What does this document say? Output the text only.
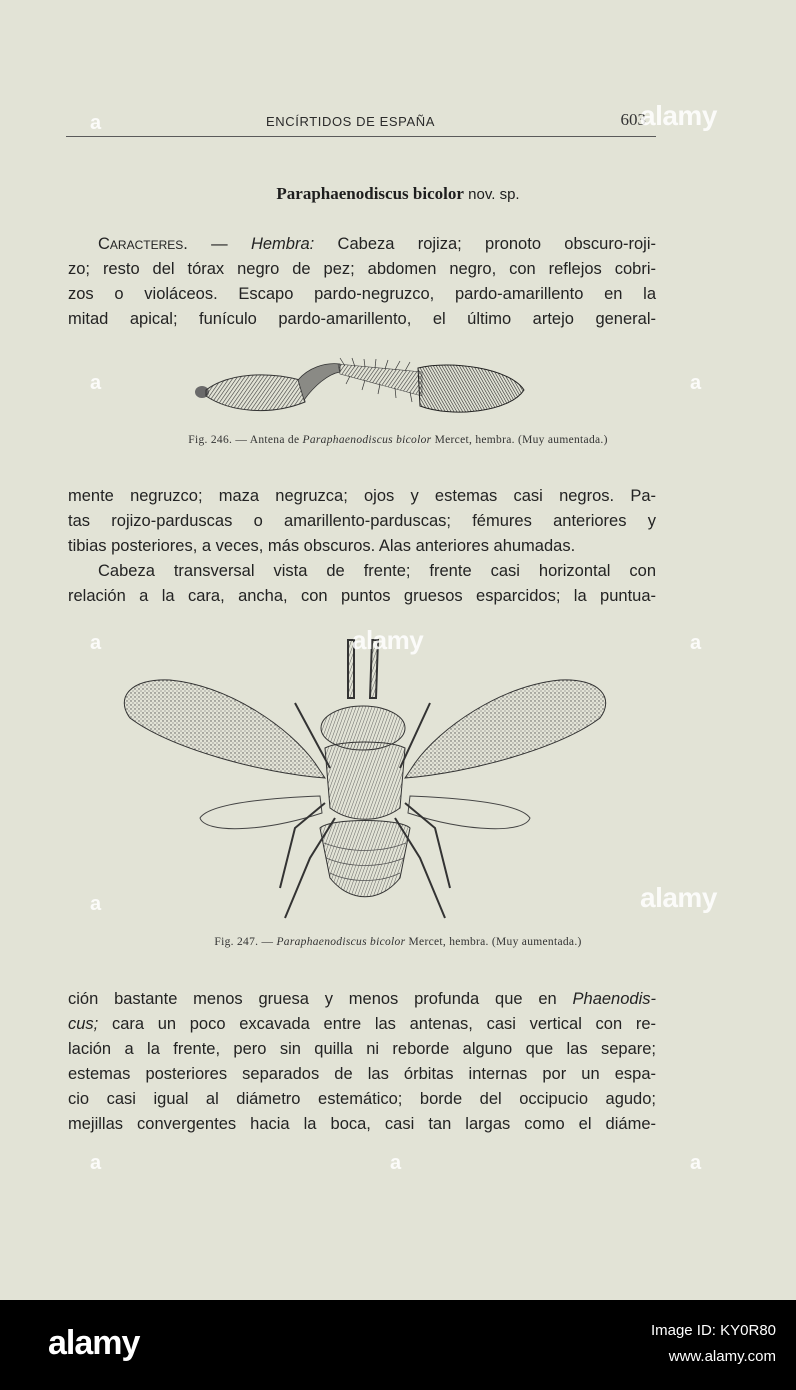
ENCÍRTIDOS DE ESPAÑA	603
Paraphaenodiscus bicolor nov. sp.
Caracteres. — Hembra: Cabeza rojiza; pronoto obscuro-roji-
zo; resto del tórax negro de pez; abdomen negro, con reflejos cobri-
zos o violáceos. Escapo pardo-negruzco, pardo-amarillento en la
mitad apical; funículo pardo-amarillento, el último artejo general-
Fig. 246. — Antena de Paraphaenodiscus bicolor Mercet, hembra. (Muy aumentada.)
mente negruzco; maza negruzca; ojos y estemas casi negros. Pa-
tas rojizo-parduscas o amarillento-parduscas; fémures anteriores y
tibias posteriores, a veces, más obscuros. Alas anteriores ahumadas.
Cabeza transversal vista de frente; frente casi horizontal con
relación a la cara, ancha, con puntos gruesos esparcidos; la puntua-
Fig. 247. — Paraphaenodiscus bicolor Mercet, hembra. (Muy aumentada.)
ción bastante menos gruesa y menos profunda que en Phaenodis-
cus; cara un poco excavada entre las antenas, casi vertical con re-
lación a la frente, pero sin quilla ni reborde alguno que las separe;
estemas posteriores separados de las órbitas internas por un espa-
cio casi igual al diámetro estemático; borde del occipucio agudo;
mejillas convergentes hacia la boca, casi tan largas como el diáme-
alamy
alamy
alamy
a
a	a
a	a
a
a	a	a
alamy	Image ID: KY0R80
www.alamy.com
